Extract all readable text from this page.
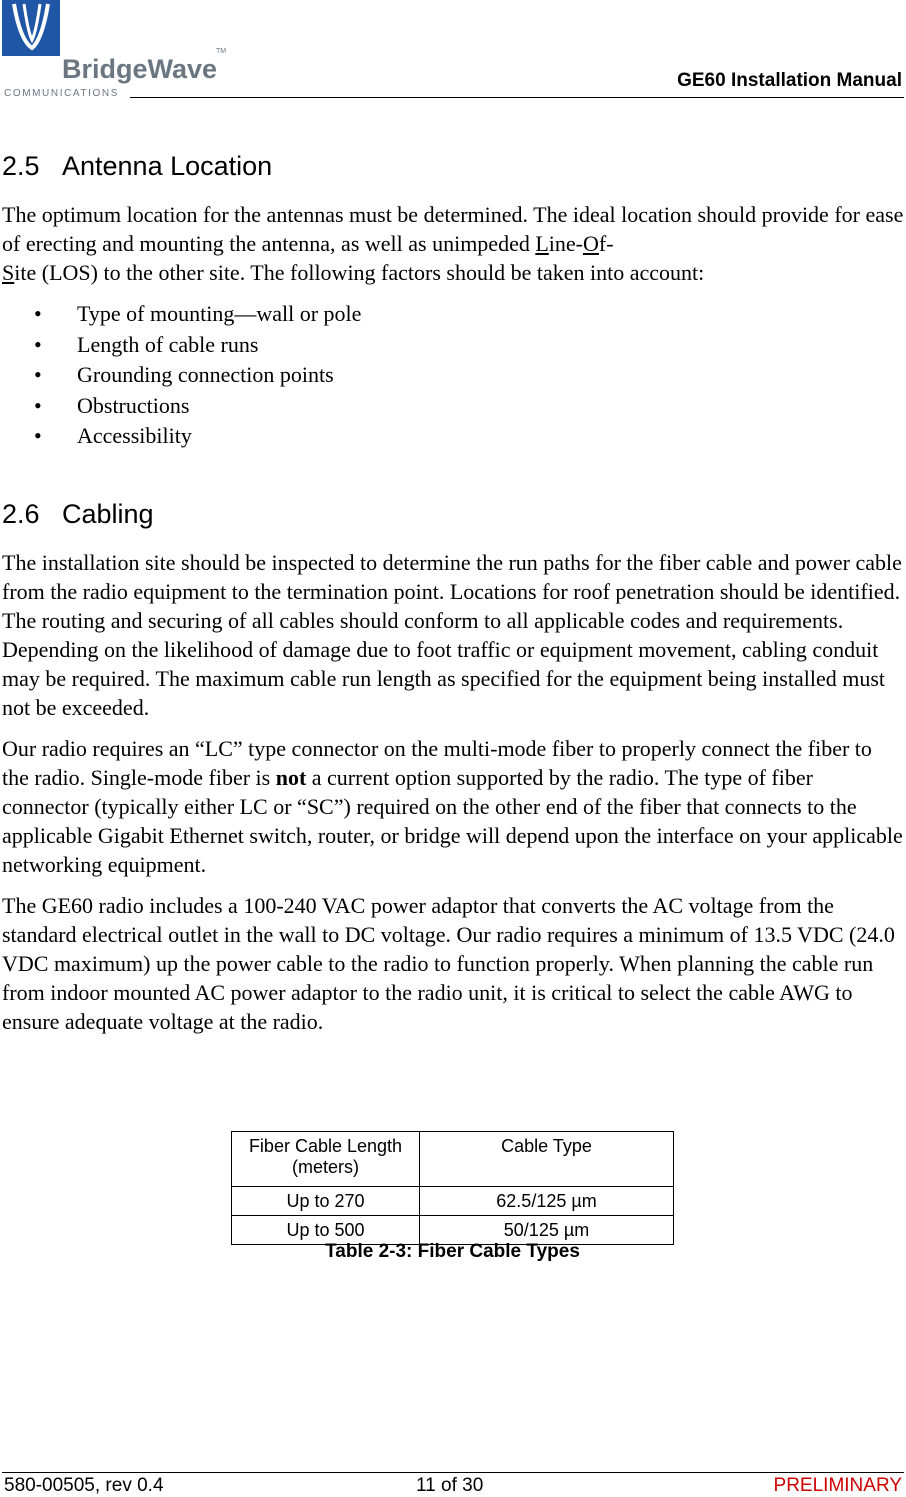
BridgeWave
COMMUNICATIONS
TM
GE60 Installation Manual
2.5 Antenna Location

The optimum location for the antennas must be determined. The ideal location should provide for ease of erecting and mounting the antenna, as well as unimpeded Line-Of-
Site (LOS) to the other site. The following factors should be taken into account:

• Type of mounting—wall or pole
• Length of cable runs
• Grounding connection points
• Obstructions
• Accessibility
2.6 Cabling

The installation site should be inspected to determine the run paths for the fiber cable and power cable from the radio equipment to the termination point. Locations for roof penetration should be identified. The routing and securing of all cables should conform to all applicable codes and requirements. Depending on the likelihood of damage due to foot traffic or equipment movement, cabling conduit may be required. The maximum cable run length as specified for the equipment being installed must not be exceeded.

Our radio requires an “LC” type connector on the multi-mode fiber to properly connect the fiber to the radio. Single-mode fiber is not a current option supported by the radio. The type of fiber connector (typically either LC or “SC”) required on the other end of the fiber that connects to the applicable Gigabit Ethernet switch, router, or bridge will depend upon the interface on your applicable networking equipment.

The GE60 radio includes a 100-240 VAC power adaptor that converts the AC voltage from the standard electrical outlet in the wall to DC voltage. Our radio requires a minimum of 13.5 VDC (24.0 VDC maximum) up the power cable to the radio to function properly. When planning the cable run from indoor mounted AC power adaptor to the radio unit, it is critical to select the cable AWG to ensure adequate voltage at the radio.

Fiber Cable Length (meters)	Cable Type
Up to 270	62.5/125 µm
Up to 500	50/125 µm
Table 2-3: Fiber Cable Types
580-00505, rev 0.4	11 of 30	PRELIMINARY
